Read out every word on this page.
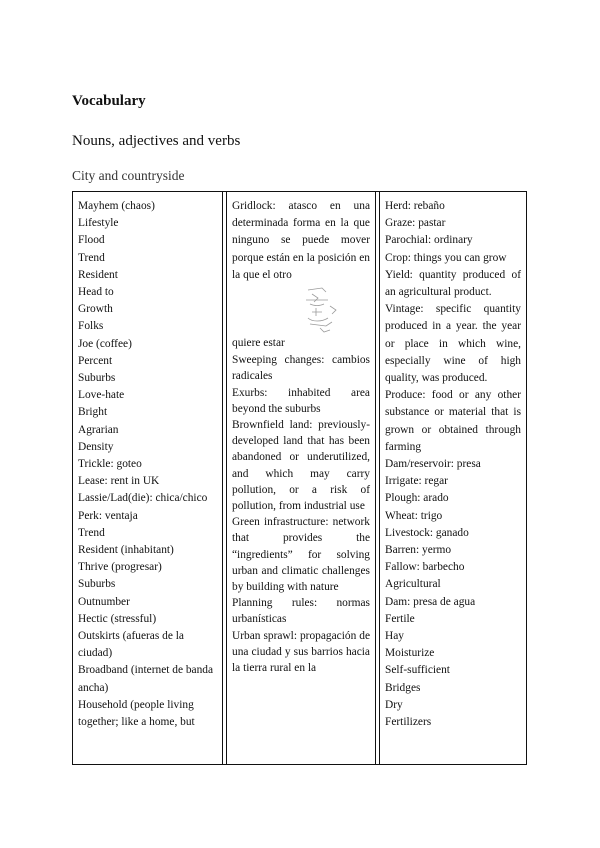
Vocabulary
Nouns, adjectives and verbs
City and countryside
Mayhem (chaos)
Lifestyle
Flood
Trend
Resident
Head to
Growth
Folks
Joe (coffee)
Percent
Suburbs
Love-hate
Bright
Agrarian
Density
Trickle: goteo
Lease: rent in UK
Lassie/Lad(die): chica/chico
Perk: ventaja
Trend
Resident (inhabitant)
Thrive (progresar)
Suburbs
Outnumber
Hectic (stressful)
Outskirts (afueras de la ciudad)
Broadband (internet de banda ancha)
Household (people living together; like a home, but
Gridlock: atasco en una determinada forma en la que ninguno se puede mover porque están en la posición en la que el otro
quiere estar
Sweeping changes: cambios radicales
Exurbs: inhabited area beyond the suburbs
Brownfield land: previously-developed land that has been abandoned or underutilized, and which may carry pollution, or a risk of pollution, from industrial use
Green infrastructure: network that provides the “ingredients” for solving urban and climatic challenges by building with nature
Planning rules: normas urbanísticas
Urban sprawl: propagación de una ciudad y sus barrios hacia la tierra rural en la
Herd: rebaño
Graze: pastar
Parochial: ordinary
Crop: things you can grow
Yield: quantity produced of an agricultural product.
Vintage: specific quantity produced in a year. the year or place in which wine, especially wine of high quality, was produced.
Produce: food or any other substance or material that is grown or obtained through farming
Dam/reservoir: presa
Irrigate: regar
Plough: arado
Wheat: trigo
Livestock: ganado
Barren: yermo
Fallow: barbecho
Agricultural
Dam: presa de agua
Fertile
Hay
Moisturize
Self-sufficient
Bridges
Dry
Fertilizers
